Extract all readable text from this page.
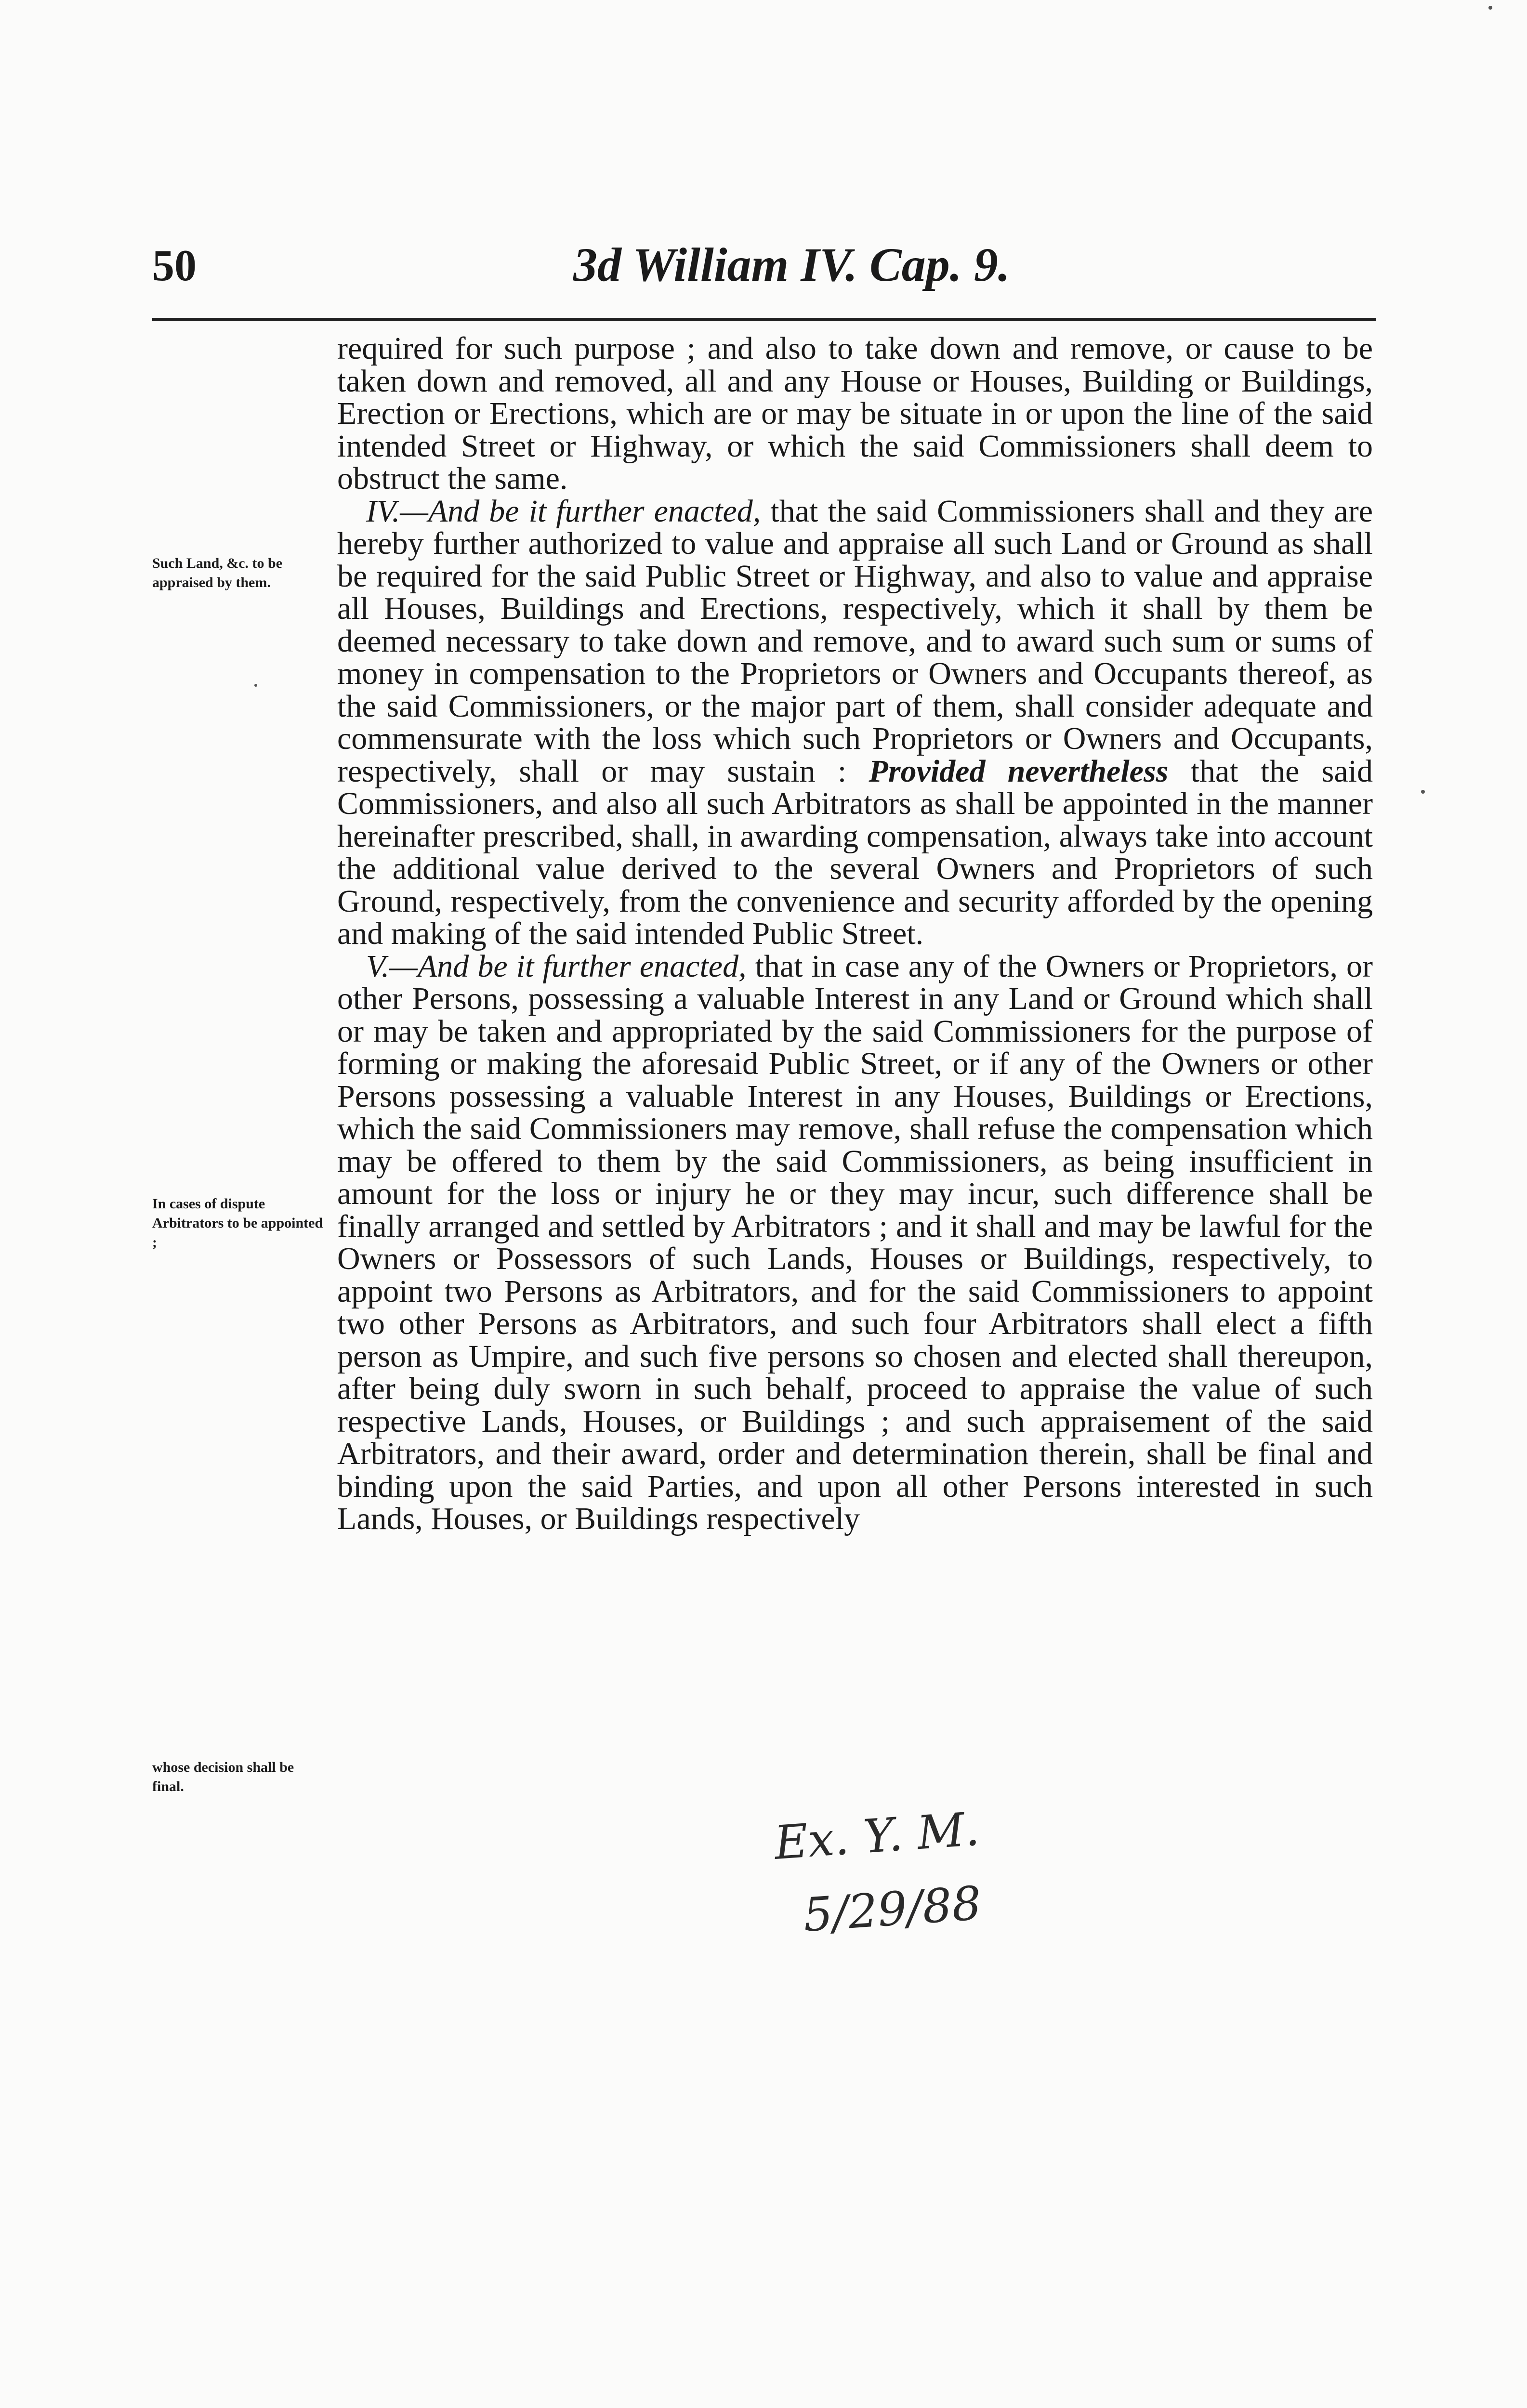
50	3d William IV. Cap. 9.
Such Land, &c. to be appraised by them.
In cases of dispute Arbitrators to be appointed ;
whose decision shall be final.

required for such purpose ; and also to take down and remove, or cause to be taken down and removed, all and any House or Houses, Building or Buildings, Erection or Erections, which are or may be situate in or upon the line of the said intended Street or Highway, or which the said Commissioners shall deem to obstruct the same.

IV.—And be it further enacted, that the said Commissioners shall and they are hereby further authorized to value and appraise all such Land or Ground as shall be required for the said Public Street or Highway, and also to value and appraise all Houses, Buildings and Erections, respectively, which it shall by them be deemed necessary to take down and remove, and to award such sum or sums of money in compensation to the Proprietors or Owners and Occupants thereof, as the said Commissioners, or the major part of them, shall consider adequate and commensurate with the loss which such Proprietors or Owners and Occupants, respectively, shall or may sustain : Provided nevertheless that the said Commissioners, and also all such Arbitrators as shall be appointed in the manner hereinafter prescribed, shall, in awarding compensation, always take into account the additional value derived to the several Owners and Proprietors of such Ground, respectively, from the convenience and security afforded by the opening and making of the said intended Public Street.

V.—And be it further enacted, that in case any of the Owners or Proprietors, or other Persons, possessing a valuable Interest in any Land or Ground which shall or may be taken and appropriated by the said Commissioners for the purpose of forming or making the aforesaid Public Street, or if any of the Owners or other Persons possessing a valuable Interest in any Houses, Buildings or Erections, which the said Commissioners may remove, shall refuse the compensation which may be offered to them by the said Commissioners, as being insufficient in amount for the loss or injury he or they may incur, such difference shall be finally arranged and settled by Arbitrators ; and it shall and may be lawful for the Owners or Possessors of such Lands, Houses or Buildings, respectively, to appoint two Persons as Arbitrators, and for the said Commissioners to appoint two other Persons as Arbitrators, and such four Arbitrators shall elect a fifth person as Umpire, and such five persons so chosen and elected shall thereupon, after being duly sworn in such behalf, proceed to appraise the value of such respective Lands, Houses, or Buildings ; and such appraisement of the said Arbitrators, and their award, order and determination therein, shall be final and binding upon the said Parties, and upon all other Persons interested in such Lands, Houses, or Buildings respectively

Ex. Y. M.
5/29/88
